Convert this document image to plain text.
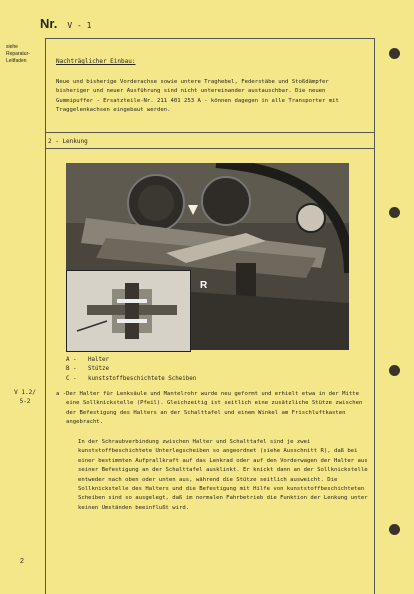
Nr. V - 1
siehe Reparatur-Leitfaden	Nachträglicher Einbau:
Neue und bisherige Vorderachse sowie untere Traghebel, Federstäbe und Stoßdämpfer bisheriger und neuer Ausführung sind nicht untereinander austauschbar. Die neuen Gummipuffer - Ersatzteile-Nr. 211 401 253 A - können dagegen in alle Transporter mit Traggelenkachsen eingebaut werden.
2 - Lenkung
R
A - Halter
B - Stütze
C - kunststoffbeschichtete Scheiben
V 1.2/
5-2
a - Der Halter für Lenksäule und Mantelrohr wurde neu geformt und erhielt etwa in der Mitte eine Sollknickstelle (Pfeil). Gleichzeitig ist seitlich eine zusätzliche Stütze zwischen der Befestigung des Halters an der Schalttafel und einem Winkel am Frischluftkasten angebracht.
In der Schraubverbindung zwischen Halter und Schalttafel sind je zwei kunststoffbeschichtete Unterlegscheiben so angeordnet (siehe Ausschnitt R), daß bei einer bestimmten Aufprallkraft auf das Lenkrad oder auf den Vorderwagen der Halter aus seiner Befestigung an der Schalttafel ausklinkt. Er knickt dann an der Sollknickstelle entweder nach oben oder unten aus, während die Stütze seitlich ausweicht. Die Sollknickstelle des Halters und die Befestigung mit Hilfe von kunststoffbeschichteten Scheiben sind so ausgelegt, daß im normalen Fahrbetrieb die Funktion der Lenkung unter keinen Umständen beeinflußt wird.
2
